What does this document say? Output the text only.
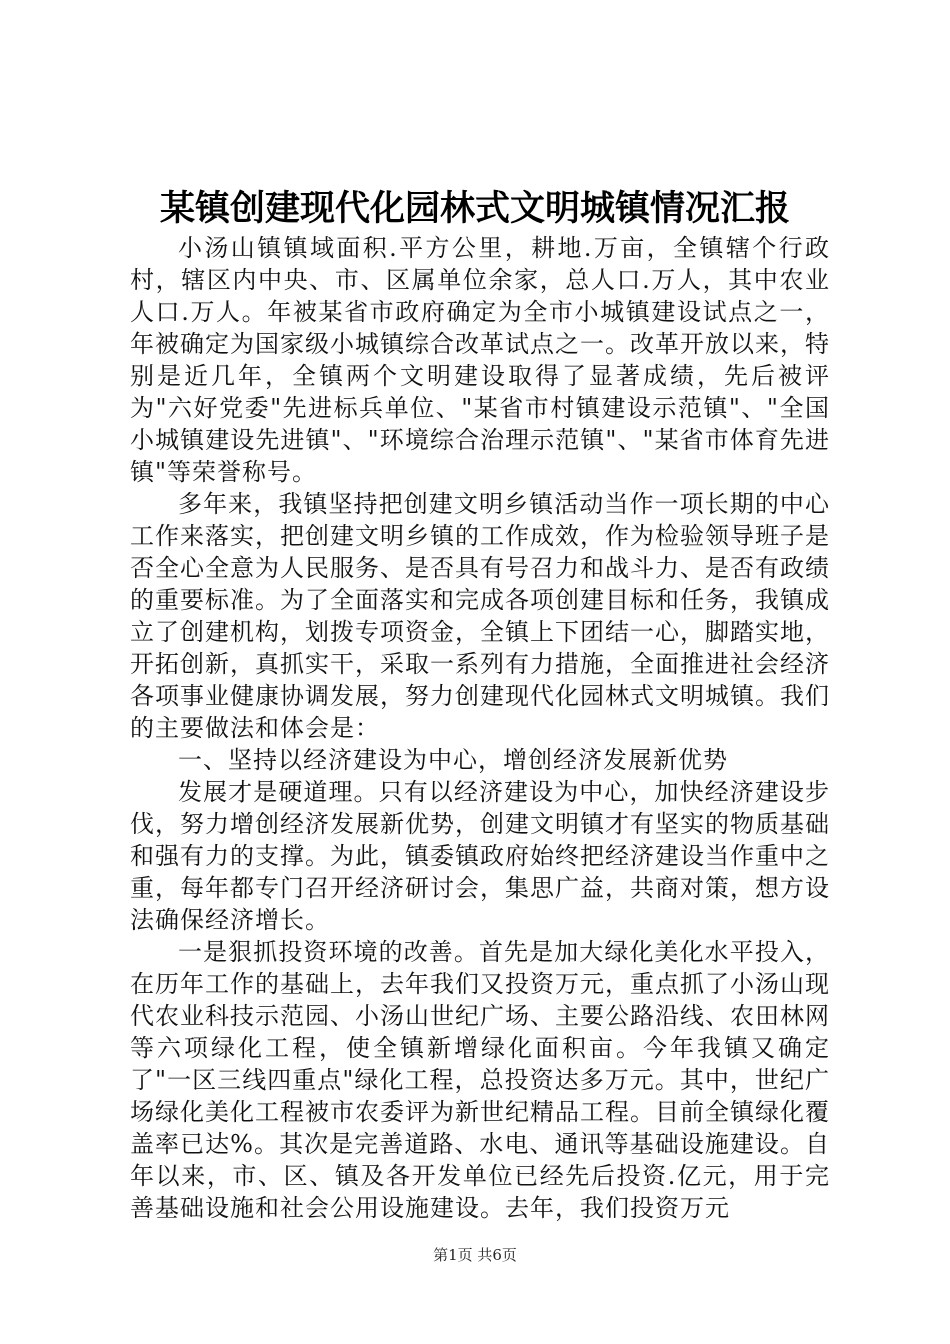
某镇创建现代化园林式文明城镇情况汇报

小汤山镇镇域面积.平方公里，耕地.万亩，全镇辖个行政村，辖区内中央、市、区属单位余家，总人口.万人，其中农业人口.万人。年被某省市政府确定为全市小城镇建设试点之一，年被确定为国家级小城镇综合改革试点之一。改革开放以来，特别是近几年，全镇两个文明建设取得了显著成绩，先后被评为"六好党委"先进标兵单位、"某省市村镇建设示范镇"、"全国小城镇建设先进镇"、"环境综合治理示范镇"、"某省市体育先进镇"等荣誉称号。

多年来，我镇坚持把创建文明乡镇活动当作一项长期的中心工作来落实，把创建文明乡镇的工作成效，作为检验领导班子是否全心全意为人民服务、是否具有号召力和战斗力、是否有政绩的重要标准。为了全面落实和完成各项创建目标和任务，我镇成立了创建机构，划拨专项资金，全镇上下团结一心，脚踏实地，开拓创新，真抓实干，采取一系列有力措施，全面推进社会经济各项事业健康协调发展，努力创建现代化园林式文明城镇。我们的主要做法和体会是：

一、坚持以经济建设为中心，增创经济发展新优势

发展才是硬道理。只有以经济建设为中心，加快经济建设步伐，努力增创经济发展新优势，创建文明镇才有坚实的物质基础和强有力的支撑。为此，镇委镇政府始终把经济建设当作重中之重，每年都专门召开经济研讨会，集思广益，共商对策，想方设法确保经济增长。

一是狠抓投资环境的改善。首先是加大绿化美化水平投入，在历年工作的基础上，去年我们又投资万元，重点抓了小汤山现代农业科技示范园、小汤山世纪广场、主要公路沿线、农田林网等六项绿化工程，使全镇新增绿化面积亩。今年我镇又确定了"一区三线四重点"绿化工程，总投资达多万元。其中，世纪广场绿化美化工程被市农委评为新世纪精品工程。目前全镇绿化覆盖率已达%。其次是完善道路、水电、通讯等基础设施建设。自年以来，市、区、镇及各开发单位已经先后投资.亿元，用于完善基础设施和社会公用设施建设。去年，我们投资万元

第1页 共6页
